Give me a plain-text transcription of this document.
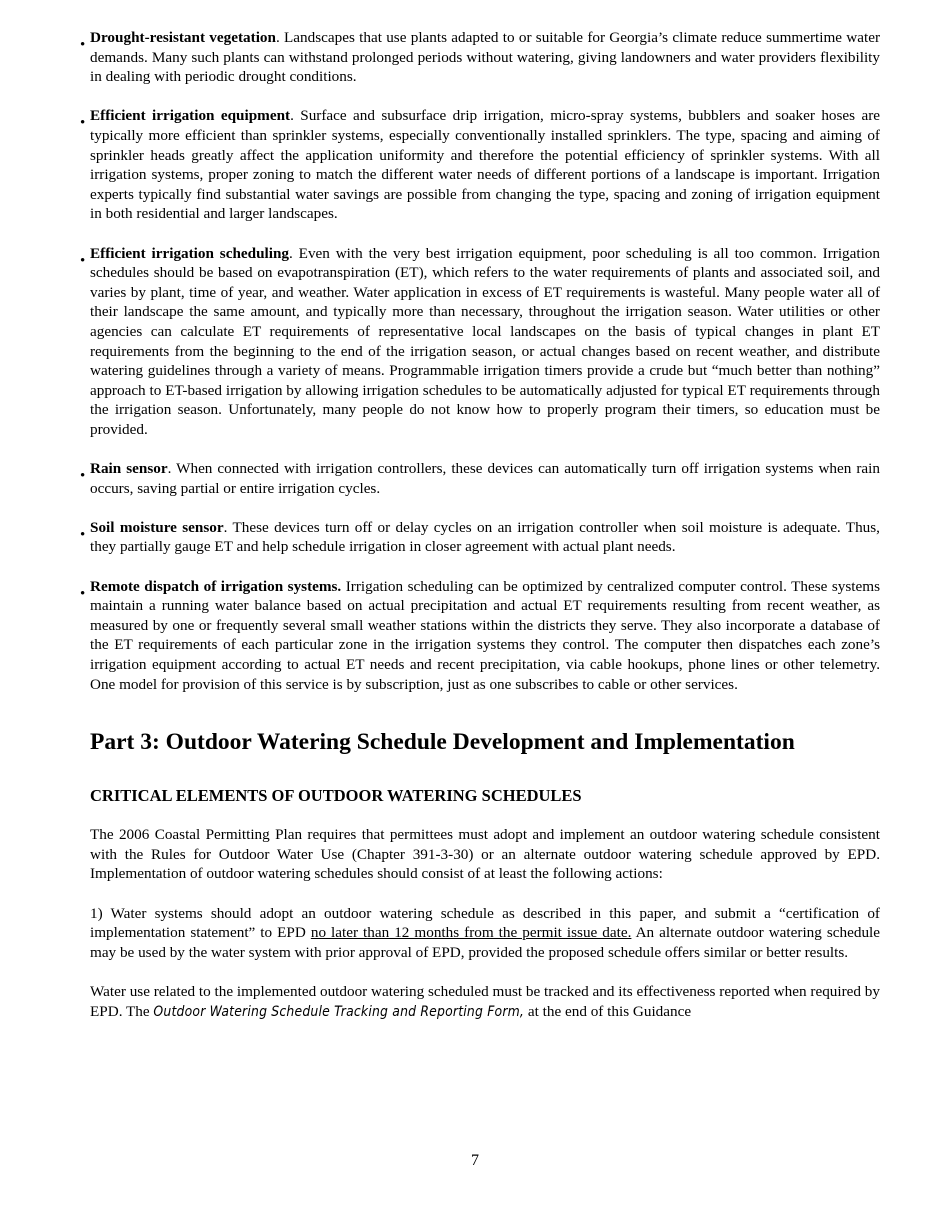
• Drought-resistant vegetation. Landscapes that use plants adapted to or suitable for Georgia’s climate reduce summertime water demands. Many such plants can withstand prolonged periods without watering, giving landowners and water providers flexibility in dealing with periodic drought conditions.

• Efficient irrigation equipment. Surface and subsurface drip irrigation, micro-spray systems, bubblers and soaker hoses are typically more efficient than sprinkler systems, especially conventionally installed sprinklers. The type, spacing and aiming of sprinkler heads greatly affect the application uniformity and therefore the potential efficiency of sprinkler systems. With all irrigation systems, proper zoning to match the different water needs of different portions of a landscape is important. Irrigation experts typically find substantial water savings are possible from changing the type, spacing and zoning of irrigation equipment in both residential and larger landscapes.

• Efficient irrigation scheduling. Even with the very best irrigation equipment, poor scheduling is all too common. Irrigation schedules should be based on evapotranspiration (ET), which refers to the water requirements of plants and associated soil, and varies by plant, time of year, and weather. Water application in excess of ET requirements is wasteful. Many people water all of their landscape the same amount, and typically more than necessary, throughout the irrigation season. Water utilities or other agencies can calculate ET requirements of representative local landscapes on the basis of typical changes in plant ET requirements from the beginning to the end of the irrigation season, or actual changes based on recent weather, and distribute watering guidelines through a variety of means. Programmable irrigation timers provide a crude but “much better than nothing” approach to ET-based irrigation by allowing irrigation schedules to be automatically adjusted for typical ET requirements through the irrigation season. Unfortunately, many people do not know how to properly program their timers, so education must be provided.

• Rain sensor. When connected with irrigation controllers, these devices can automatically turn off irrigation systems when rain occurs, saving partial or entire irrigation cycles.

• Soil moisture sensor. These devices turn off or delay cycles on an irrigation controller when soil moisture is adequate. Thus, they partially gauge ET and help schedule irrigation in closer agreement with actual plant needs.

• Remote dispatch of irrigation systems. Irrigation scheduling can be optimized by centralized computer control. These systems maintain a running water balance based on actual precipitation and actual ET requirements resulting from recent weather, as measured by one or frequently several small weather stations within the districts they serve. They also incorporate a database of the ET requirements of each particular zone in the irrigation systems they control. The computer then dispatches each zone’s irrigation equipment according to actual ET needs and recent precipitation, via cable hookups, phone lines or other telemetry. One model for provision of this service is by subscription, just as one subscribes to cable or other services.

Part 3: Outdoor Watering Schedule Development and Implementation
CRITICAL ELEMENTS OF OUTDOOR WATERING SCHEDULES

The 2006 Coastal Permitting Plan requires that permittees must adopt and implement an outdoor watering schedule consistent with the Rules for Outdoor Water Use (Chapter 391-3-30) or an alternate outdoor watering schedule approved by EPD. Implementation of outdoor watering schedules should consist of at least the following actions:

1) Water systems should adopt an outdoor watering schedule as described in this paper, and submit a “certification of implementation statement” to EPD no later than 12 months from the permit issue date. An alternate outdoor watering schedule may be used by the water system with prior approval of EPD, provided the proposed schedule offers similar or better results.

Water use related to the implemented outdoor watering scheduled must be tracked and its effectiveness reported when required by EPD. The Outdoor Watering Schedule Tracking and Reporting Form, at the end of this Guidance

7
